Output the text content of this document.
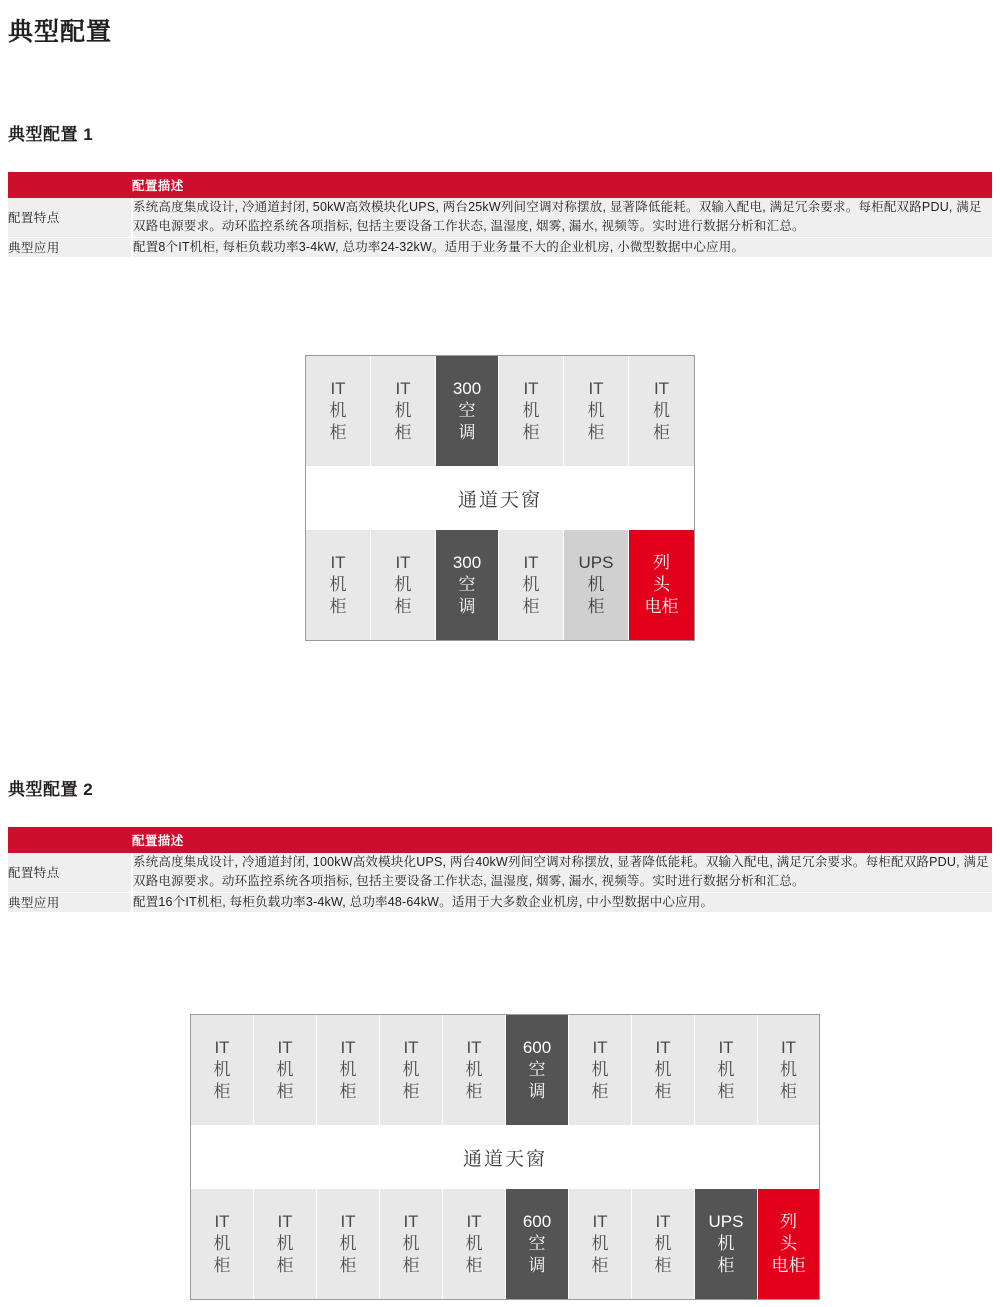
典型配置
典型配置 1
	配置描述
配置特点	系统高度集成设计, 冷通道封闭, 50kW高效模块化UPS, 两台25kW列间空调对称摆放, 显著降低能耗。双输入配电, 满足冗余要求。每柜配双路PDU, 满足双路电源要求。动环监控系统各项指标, 包括主要设备工作状态, 温湿度, 烟雾, 漏水, 视频等。实时进行数据分析和汇总。
典型应用	配置8个IT机柜, 每柜负载功率3-4kW, 总功率24-32kW。适用于业务量不大的企业机房, 小微型数据中心应用。
IT
机
柜
IT
机
柜
300
空
调
IT
机
柜
IT
机
柜
IT
机
柜
通道天窗
IT
机
柜
IT
机
柜
300
空
调
IT
机
柜
UPS
机
柜
列
头
电柜
典型配置 2
	配置描述
配置特点	系统高度集成设计, 冷通道封闭, 100kW高效模块化UPS, 两台40kW列间空调对称摆放, 显著降低能耗。双输入配电, 满足冗余要求。每柜配双路PDU, 满足双路电源要求。动环监控系统各项指标, 包括主要设备工作状态, 温湿度, 烟雾, 漏水, 视频等。实时进行数据分析和汇总。
典型应用	配置16个IT机柜, 每柜负载功率3-4kW, 总功率48-64kW。适用于大多数企业机房, 中小型数据中心应用。
IT
机
柜
IT
机
柜
IT
机
柜
IT
机
柜
IT
机
柜
600
空
调
IT
机
柜
IT
机
柜
IT
机
柜
IT
机
柜
通道天窗
IT
机
柜
IT
机
柜
IT
机
柜
IT
机
柜
IT
机
柜
600
空
调
IT
机
柜
IT
机
柜
UPS
机
柜
列
头
电柜
